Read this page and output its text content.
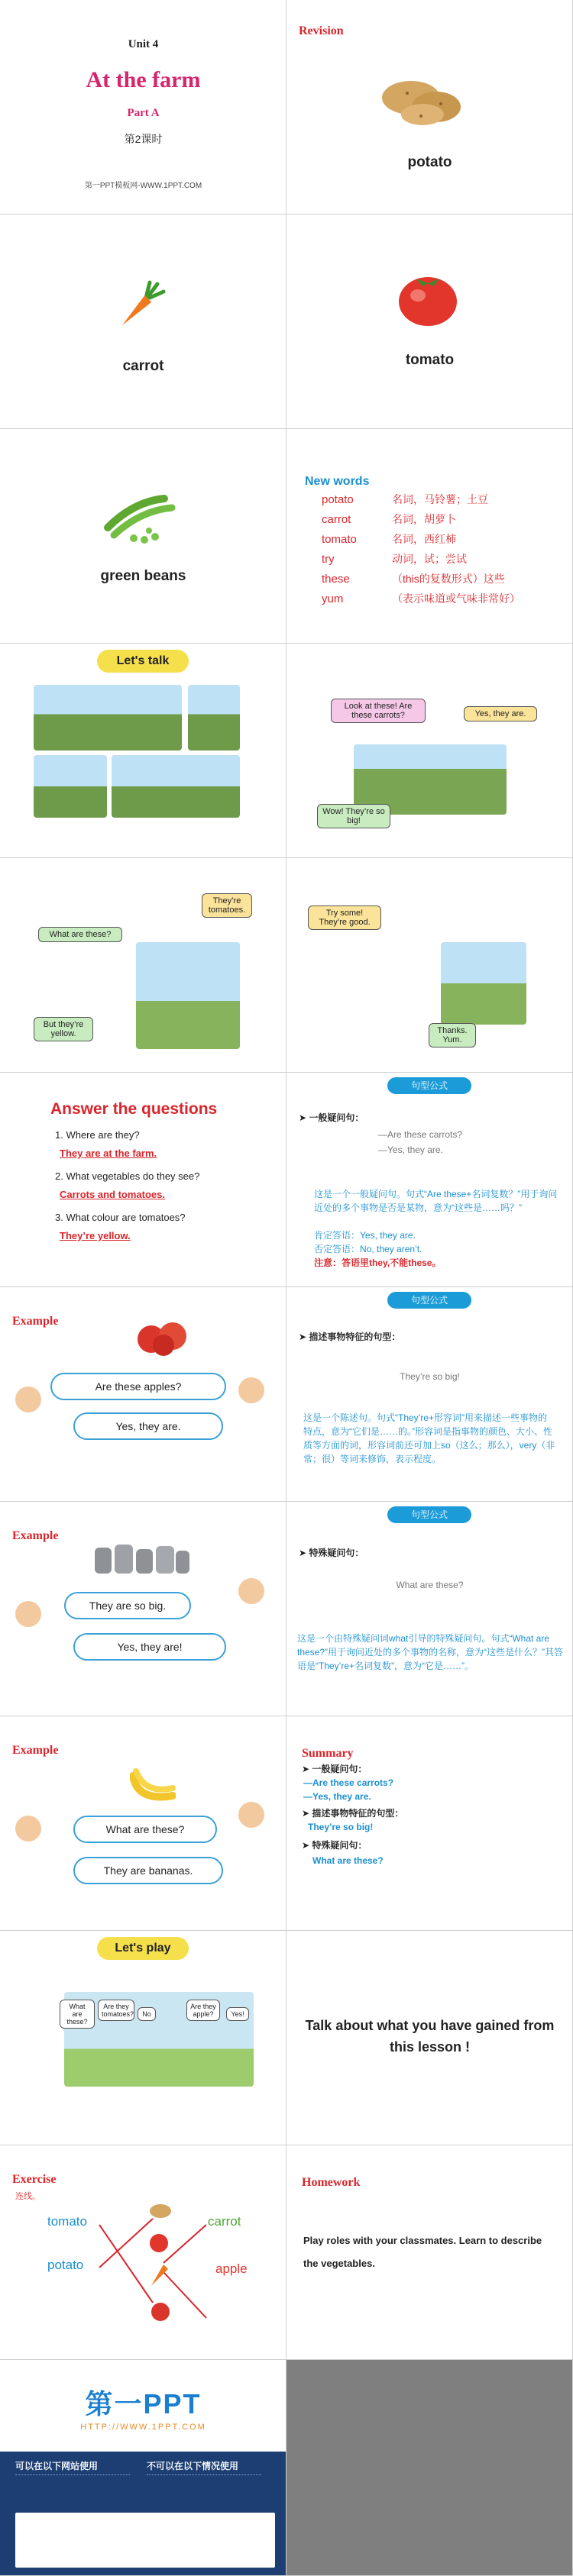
Unit 4
At the farm
Part A
第2课时
第一PPT模板网-WWW.1PPT.COM
Revision
potato
carrot	tomato
green beans
New words
potato	名词，马铃薯；土豆
carrot	名词，胡萝卜
tomato	名词，西红柿
try	动词，试；尝试
these	（this的复数形式）这些
yum	（表示味道或气味非常好）
Let's talk
Look at these! Are these carrots?	Yes, they are.
Wow! They’re so big!
They’re tomatoes.
What are these?
But they’re yellow.
Try some! They’re good.
Thanks. Yum.
Answer the questions
1. Where are they?
They are at the farm.
2. What vegetables do they see?
Carrots and tomatoes.
3. What colour are tomatoes?
They’re yellow.
句型公式
➤ 一般疑问句：
—Are these carrots?
—Yes, they are.
这是一个一般疑问句。句式“Are these+名词复数？”用于询问近处的多个事物是否是某物，意为“这些是……吗？”
肯定答语：Yes, they are.
否定答语：No, they aren’t.
注意：答语里they,不能these。
Example
Are these apples?
Yes, they are.
句型公式
➤ 描述事物特征的句型：
They’re so big!
这是一个陈述句。句式“They’re+形容词”用来描述一些事物的特点，意为“它们是……的。”形容词是指事物的颜色、大小、性质等方面的词，形容词前还可加上so（这么；那么），very（非常；很）等词来修饰，表示程度。
Example
They are so big.
Yes, they are!
句型公式
➤ 特殊疑问句：
What are these?
这是一个由特殊疑问词what引导的特殊疑问句。句式“What are these?”用于询问近处的多个事物的名称，意为“这些是什么？”其答语是“They’re+名词复数”，意为“它是……”。
Example
What are these?
They are bananas.
Summary
➤ 一般疑问句：
—Are these carrots?
—Yes, they are.
➤ 描述事物特征的句型：
They’re so big!
➤ 特殊疑问句：
What are these?
Let's play
What are these?
Are they tomatoes?	No
Are they apple?	Yes!
Talk about what you have gained from this lesson !
Exercise
连线。
tomato
potato
carrot
apple
Homework
Play roles with your classmates. Learn to describe the vegetables.
第一PPT
HTTP://WWW.1PPT.COM
可以在以下网站使用	不可以在以下情况使用
